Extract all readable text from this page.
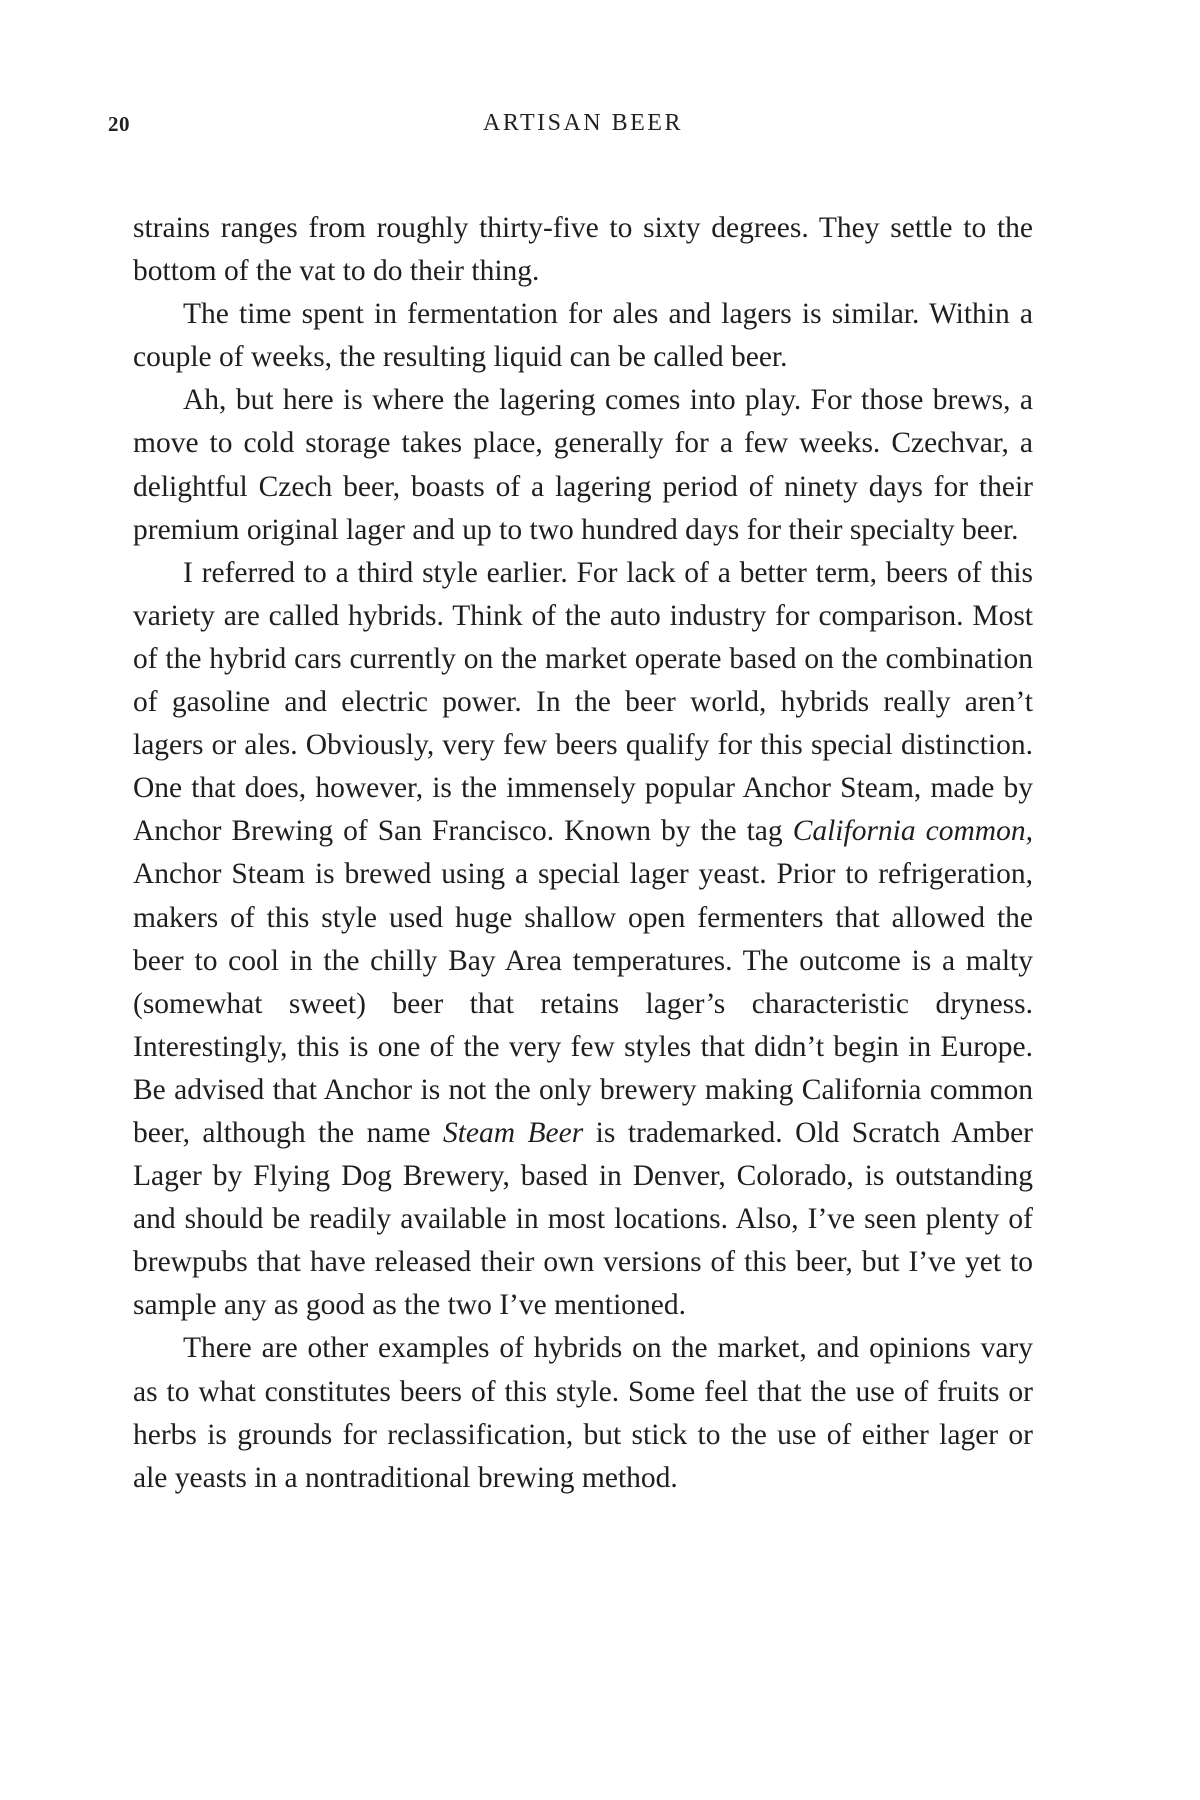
20	ARTISAN BEER

strains ranges from roughly thirty-five to sixty degrees. They settle to the bottom of the vat to do their thing.

The time spent in fermentation for ales and lagers is similar. Within a couple of weeks, the resulting liquid can be called beer.

Ah, but here is where the lagering comes into play. For those brews, a move to cold storage takes place, generally for a few weeks. Czechvar, a delightful Czech beer, boasts of a lagering period of ninety days for their premium original lager and up to two hundred days for their specialty beer.

I referred to a third style earlier. For lack of a better term, beers of this variety are called hybrids. Think of the auto industry for comparison. Most of the hybrid cars currently on the market operate based on the combination of gasoline and electric power. In the beer world, hybrids really aren’t lagers or ales. Obviously, very few beers qualify for this special distinction. One that does, however, is the immensely popular Anchor Steam, made by Anchor Brewing of San Francisco. Known by the tag California common, Anchor Steam is brewed using a special lager yeast. Prior to refrigeration, makers of this style used huge shallow open fermenters that allowed the beer to cool in the chilly Bay Area temperatures. The outcome is a malty (somewhat sweet) beer that retains lager’s characteristic dryness. Interestingly, this is one of the very few styles that didn’t begin in Europe. Be advised that Anchor is not the only brewery making California common beer, although the name Steam Beer is trademarked. Old Scratch Amber Lager by Flying Dog Brewery, based in Denver, Colorado, is outstanding and should be readily available in most locations. Also, I’ve seen plenty of brewpubs that have released their own versions of this beer, but I’ve yet to sample any as good as the two I’ve mentioned.

There are other examples of hybrids on the market, and opinions vary as to what constitutes beers of this style. Some feel that the use of fruits or herbs is grounds for reclassification, but stick to the use of either lager or ale yeasts in a nontraditional brewing method.
